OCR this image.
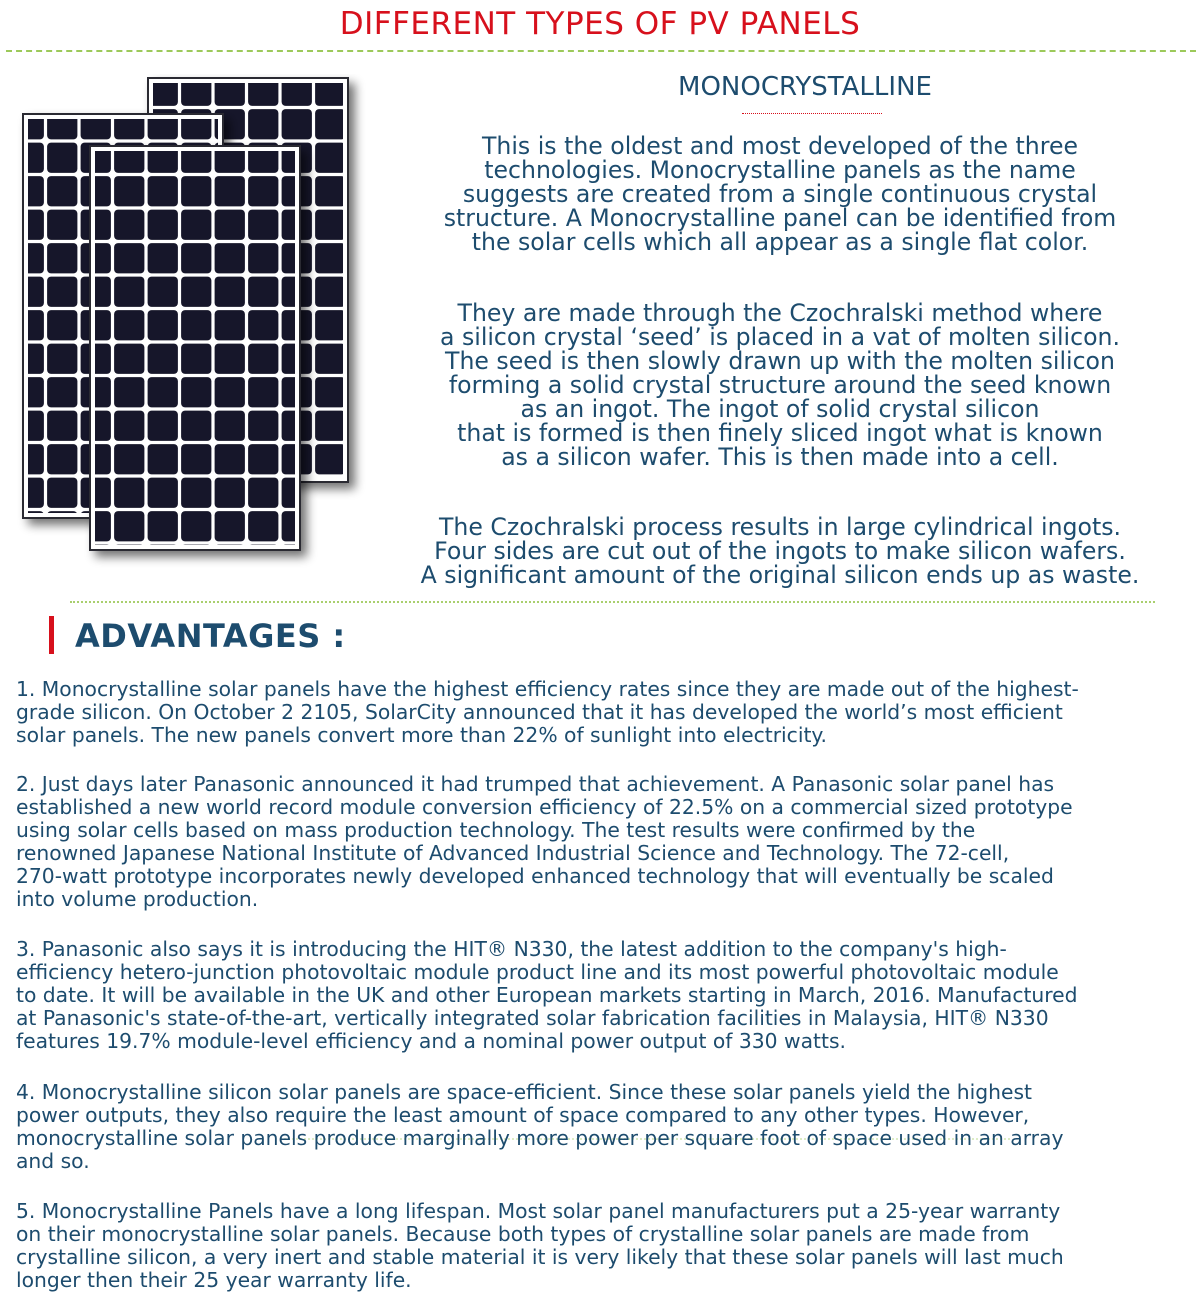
DIFFERENT TYPES OF PV PANELS
MONOCRYSTALLINE
This is the oldest and most developed of the three
technologies. Monocrystalline panels as the name
suggests are created from a single continuous crystal
structure. A Monocrystalline panel can be identified from
the solar cells which all appear as a single flat color.
They are made through the Czochralski method where
a silicon crystal ‘seed’ is placed in a vat of molten silicon.
The seed is then slowly drawn up with the molten silicon
forming a solid crystal structure around the seed known
as an ingot. The ingot of solid crystal silicon
that is formed is then finely sliced ingot what is known
as a silicon wafer. This is then made into a cell.
The Czochralski process results in large cylindrical ingots.
Four sides are cut out of the ingots to make silicon wafers.
A significant amount of the original silicon ends up as waste.
ADVANTAGES :
1. Monocrystalline solar panels have the highest efficiency rates since they are made out of the highest-
grade silicon. On October 2 2105, SolarCity announced that it has developed the world’s most efficient
solar panels. The new panels convert more than 22% of sunlight into electricity.
2. Just days later Panasonic announced it had trumped that achievement. A Panasonic solar panel has
established a new world record module conversion efficiency of 22.5% on a commercial sized prototype
using solar cells based on mass production technology. The test results were confirmed by the
renowned Japanese National Institute of Advanced Industrial Science and Technology. The 72-cell,
270-watt prototype incorporates newly developed enhanced technology that will eventually be scaled
into volume production.
3. Panasonic also says it is introducing the HIT® N330, the latest addition to the company's high-
efficiency hetero-junction photovoltaic module product line and its most powerful photovoltaic module
to date. It will be available in the UK and other European markets starting in March, 2016. Manufactured
at Panasonic's state-of-the-art, vertically integrated solar fabrication facilities in Malaysia, HIT® N330
features 19.7% module-level efficiency and a nominal power output of 330 watts.
4. Monocrystalline silicon solar panels are space-efficient. Since these solar panels yield the highest
power outputs, they also require the least amount of space compared to any other types. However,
monocrystalline solar panels produce marginally more power per square foot of space used in an array
and so.
5. Monocrystalline Panels have a long lifespan. Most solar panel manufacturers put a 25-year warranty
on their monocrystalline solar panels. Because both types of crystalline solar panels are made from
crystalline silicon, a very inert and stable material it is very likely that these solar panels will last much
longer then their 25 year warranty life.
